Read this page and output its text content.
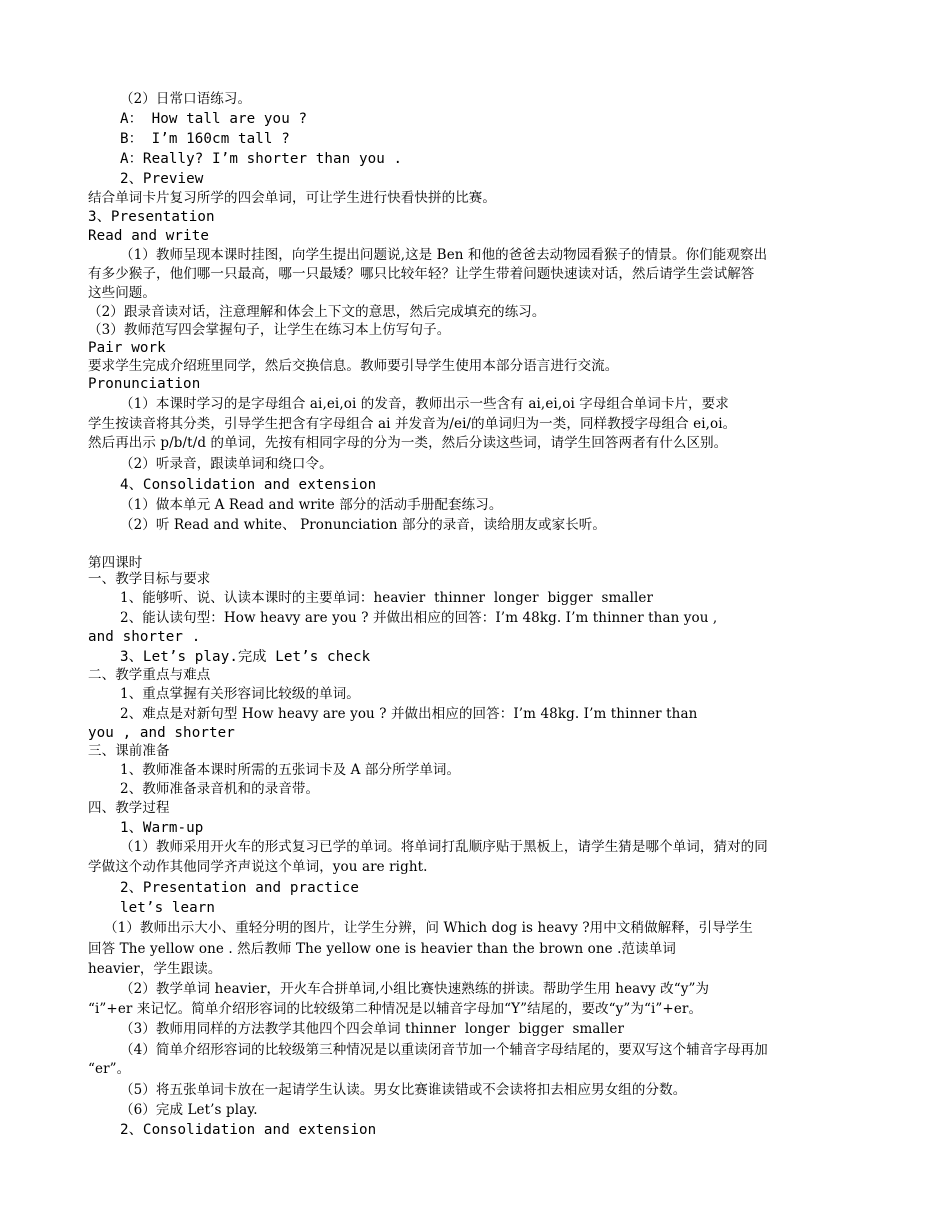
（2）日常口语练习。
A： How tall are you ?
B： I’m 160cm tall ?
A：Really? I’m shorter than you .
2、Preview
结合单词卡片复习所学的四会单词，可让学生进行快看快拼的比赛。
3、Presentation
Read and write
（1）教师呈现本课时挂图，向学生提出问题说,这是 Ben 和他的爸爸去动物园看猴子的情景。你们能观察出
有多少猴子，他们哪一只最高，哪一只最矮？哪只比较年轻？让学生带着问题快速读对话，然后请学生尝试解答
这些问题。
（2）跟录音读对话，注意理解和体会上下文的意思，然后完成填充的练习。
（3）教师范写四会掌握句子，让学生在练习本上仿写句子。
Pair work
要求学生完成介绍班里同学，然后交换信息。教师要引导学生使用本部分语言进行交流。
Pronunciation
（1）本课时学习的是字母组合 ai,ei,oi 的发音，教师出示一些含有 ai,ei,oi 字母组合单词卡片，要求
学生按读音将其分类，引导学生把含有字母组合 ai 并发音为/ei/的单词归为一类，同样教授字母组合 ei,oi。
然后再出示 p/b/t/d 的单词，先按有相同字母的分为一类，然后分读这些词，请学生回答两者有什么区别。
（2）听录音，跟读单词和绕口令。
4、Consolidation and extension
（1）做本单元 A Read and write 部分的活动手册配套练习。
（2）听 Read and white、 Pronunciation 部分的录音，读给朋友或家长听。
第四课时
一、教学目标与要求
1、能够听、说、认读本课时的主要单词：heavier  thinner  longer  bigger  smaller
2、能认读句型：How heavy are you ? 并做出相应的回答：I’m 48kg. I’m thinner than you ,
and shorter .
3、Let’s play.完成 Let’s check
二、教学重点与难点
1、重点掌握有关形容词比较级的单词。
2、难点是对新句型 How heavy are you ? 并做出相应的回答：I’m 48kg. I’m thinner than
you , and shorter
三、课前准备
1、教师准备本课时所需的五张词卡及 A 部分所学单词。
2、教师准备录音机和的录音带。
四、教学过程
1、Warm-up
（1）教师采用开火车的形式复习已学的单词。将单词打乱顺序贴于黑板上，请学生猜是哪个单词，猜对的同
学做这个动作其他同学齐声说这个单词，you are right.
2、Presentation and practice
let’s learn
（1）教师出示大小、重轻分明的图片，让学生分辨，问 Which dog is heavy ?用中文稍做解释，引导学生
回答 The yellow one . 然后教师 The yellow one is heavier than the brown one .范读单词
heavier，学生跟读。
（2）教学单词 heavier，开火车合拼单词,小组比赛快速熟练的拼读。帮助学生用 heavy 改“y”为
“i”+er 来记忆。简单介绍形容词的比较级第二种情况是以辅音字母加“Y”结尾的，要改“y”为“i”+er。
（3）教师用同样的方法教学其他四个四会单词 thinner  longer  bigger  smaller
（4）简单介绍形容词的比较级第三种情况是以重读闭音节加一个辅音字母结尾的，要双写这个辅音字母再加
“er”。
（5）将五张单词卡放在一起请学生认读。男女比赛谁读错或不会读将扣去相应男女组的分数。
（6）完成 Let’s play.
2、Consolidation and extension
